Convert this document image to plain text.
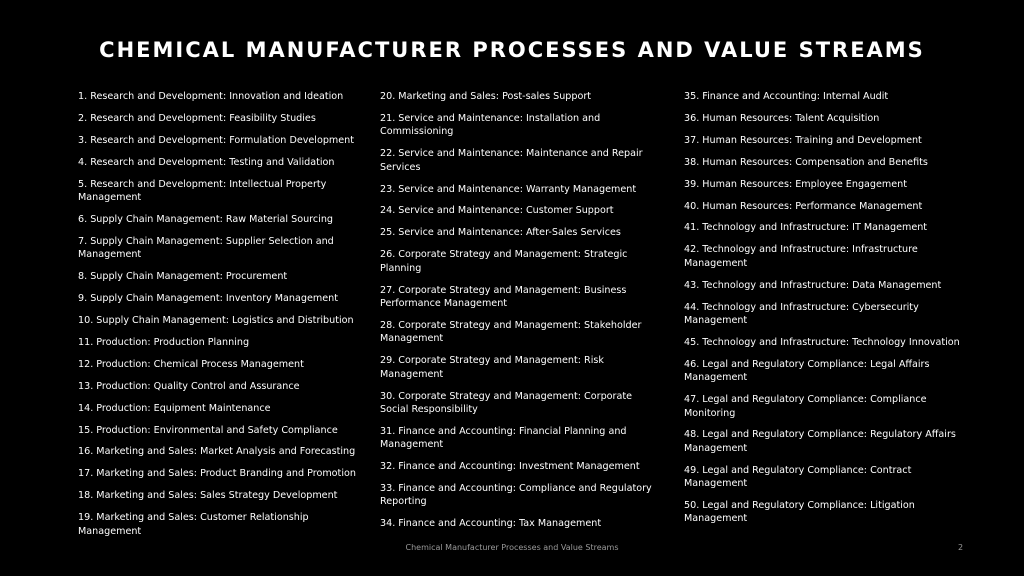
CHEMICAL MANUFACTURER PROCESSES AND VALUE STREAMS
1. Research and Development: Innovation and Ideation
2. Research and Development: Feasibility Studies
3. Research and Development: Formulation Development
4. Research and Development: Testing and Validation
5. Research and Development: Intellectual Property Management
6. Supply Chain Management: Raw Material Sourcing
7. Supply Chain Management: Supplier Selection and Management
8. Supply Chain Management: Procurement
9. Supply Chain Management: Inventory Management
10. Supply Chain Management: Logistics and Distribution
11. Production: Production Planning
12. Production: Chemical Process Management
13. Production: Quality Control and Assurance
14. Production: Equipment Maintenance
15. Production: Environmental and Safety Compliance
16. Marketing and Sales: Market Analysis and Forecasting
17. Marketing and Sales: Product Branding and Promotion
18. Marketing and Sales: Sales Strategy Development
19. Marketing and Sales: Customer Relationship Management
20. Marketing and Sales: Post-sales Support
21. Service and Maintenance: Installation and Commissioning
22. Service and Maintenance: Maintenance and Repair Services
23. Service and Maintenance: Warranty Management
24. Service and Maintenance: Customer Support
25. Service and Maintenance: After-Sales Services
26. Corporate Strategy and Management: Strategic Planning
27. Corporate Strategy and Management: Business Performance Management
28. Corporate Strategy and Management: Stakeholder Management
29. Corporate Strategy and Management: Risk Management
30. Corporate Strategy and Management: Corporate Social Responsibility
31. Finance and Accounting: Financial Planning and Management
32. Finance and Accounting: Investment Management
33. Finance and Accounting: Compliance and Regulatory Reporting
34. Finance and Accounting: Tax Management
35. Finance and Accounting: Internal Audit
36. Human Resources: Talent Acquisition
37. Human Resources: Training and Development
38. Human Resources: Compensation and Benefits
39. Human Resources: Employee Engagement
40. Human Resources: Performance Management
41. Technology and Infrastructure: IT Management
42. Technology and Infrastructure: Infrastructure Management
43. Technology and Infrastructure: Data Management
44. Technology and Infrastructure: Cybersecurity Management
45. Technology and Infrastructure: Technology Innovation
46. Legal and Regulatory Compliance: Legal Affairs Management
47. Legal and Regulatory Compliance: Compliance Monitoring
48. Legal and Regulatory Compliance: Regulatory Affairs Management
49. Legal and Regulatory Compliance: Contract Management
50. Legal and Regulatory Compliance: Litigation Management
Chemical Manufacturer Processes and Value Streams	2
